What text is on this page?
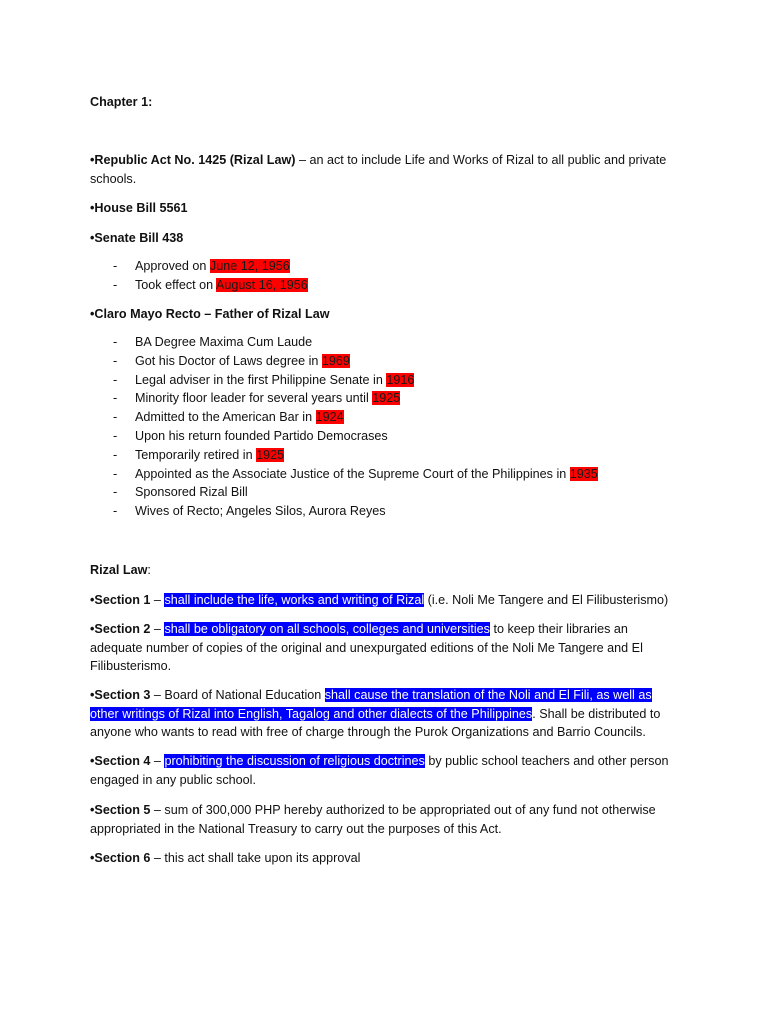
Chapter 1:
•Republic Act No. 1425 (Rizal Law) – an act to include Life and Works of Rizal to all public and private schools.
•House Bill 5561
•Senate Bill 438
-	Approved on June 12, 1956
-	Took effect on August 16, 1956
•Claro Mayo Recto – Father of Rizal Law
-	BA Degree Maxima Cum Laude
-	Got his Doctor of Laws degree in 1969
-	Legal adviser in the first Philippine Senate in 1916
-	Minority floor leader for several years until 1925
-	Admitted to the American Bar in 1924
-	Upon his return founded Partido Democrases
-	Temporarily retired in 1925
-	Appointed as the Associate Justice of the Supreme Court of the Philippines in 1935
-	Sponsored Rizal Bill
-	Wives of Recto; Angeles Silos, Aurora Reyes
Rizal Law:
•Section 1 – shall include the life, works and writing of Rizal (i.e. Noli Me Tangere and El Filibusterismo)
•Section 2 – shall be obligatory on all schools, colleges and universities to keep their libraries an adequate number of copies of the original and unexpurgated editions of the Noli Me Tangere and El Filibusterismo.
•Section 3 – Board of National Education shall cause the translation of the Noli and El Fili, as well as other writings of Rizal into English, Tagalog and other dialects of the Philippines. Shall be distributed to anyone who wants to read with free of charge through the Purok Organizations and Barrio Councils.
•Section 4 – prohibiting the discussion of religious doctrines by public school teachers and other person engaged in any public school.
•Section 5 – sum of 300,000 PHP hereby authorized to be appropriated out of any fund not otherwise appropriated in the National Treasury to carry out the purposes of this Act.
•Section 6 – this act shall take upon its approval
